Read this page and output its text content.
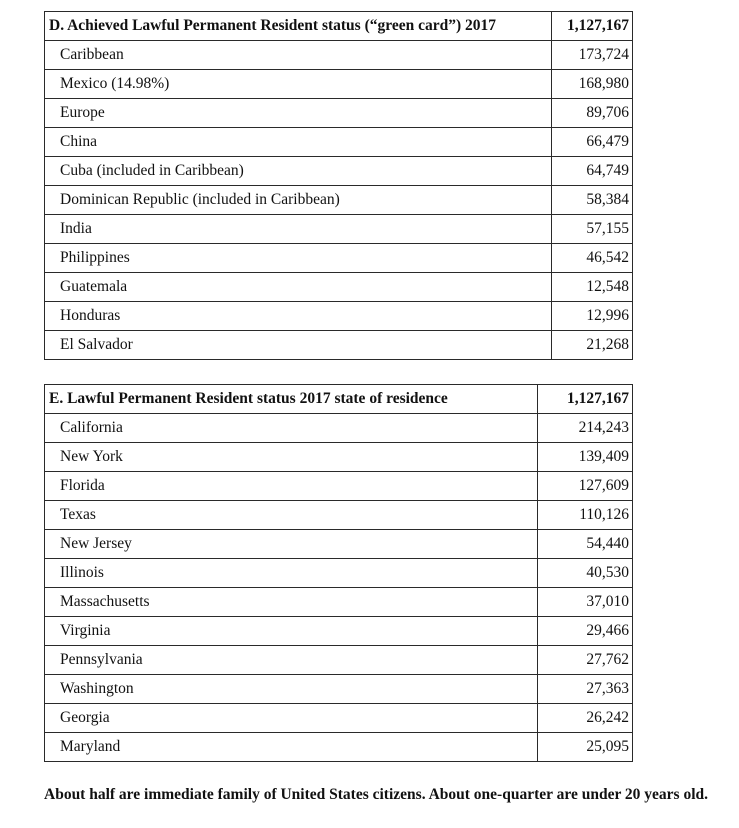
D. Achieved Lawful Permanent Resident status (“green card”) 2017	1,127,167
Caribbean	173,724
Mexico (14.98%)	168,980
Europe	89,706
China	66,479
Cuba (included in Caribbean)	64,749
Dominican Republic (included in Caribbean)	58,384
India	57,155
Philippines	46,542
Guatemala	12,548
Honduras	12,996
El Salvador	21,268
E. Lawful Permanent Resident status 2017 state of residence	1,127,167
California	214,243
New York	139,409
Florida	127,609
Texas	110,126
New Jersey	54,440
Illinois	40,530
Massachusetts	37,010
Virginia	29,466
Pennsylvania	27,762
Washington	27,363
Georgia	26,242
Maryland	25,095

About half are immediate family of United States citizens. About one-quarter are under 20 years old.
